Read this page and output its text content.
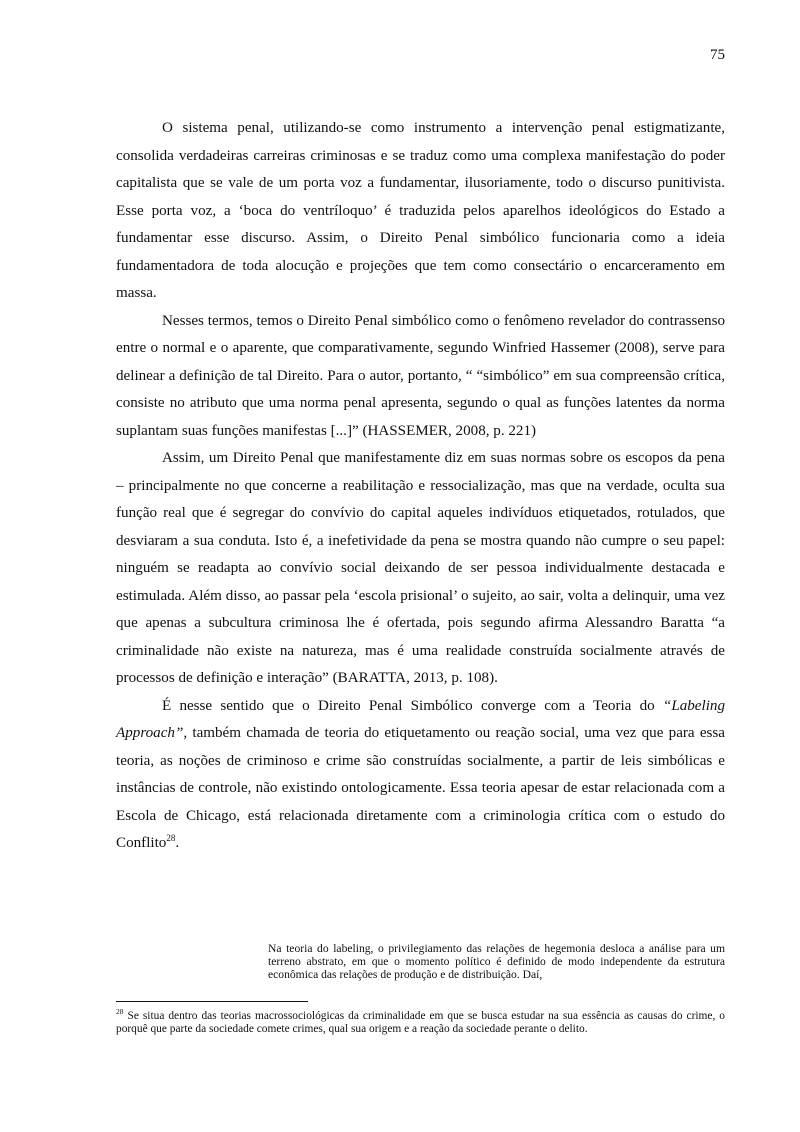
75

O sistema penal, utilizando-se como instrumento a intervenção penal estigmatizante, consolida verdadeiras carreiras criminosas e se traduz como uma complexa manifestação do poder capitalista que se vale de um porta voz a fundamentar, ilusoriamente, todo o discurso punitivista. Esse porta voz, a ‘boca do ventríloquo’ é traduzida pelos aparelhos ideológicos do Estado a fundamentar esse discurso. Assim, o Direito Penal simbólico funcionaria como a ideia fundamentadora de toda alocução e projeções que tem como consectário o encarceramento em massa.

Nesses termos, temos o Direito Penal simbólico como o fenômeno revelador do contrassenso entre o normal e o aparente, que comparativamente, segundo Winfried Hassemer (2008), serve para delinear a definição de tal Direito. Para o autor, portanto, “ “simbólico” em sua compreensão crítica, consiste no atributo que uma norma penal apresenta, segundo o qual as funções latentes da norma suplantam suas funções manifestas [...]” (HASSEMER, 2008, p. 221)

Assim, um Direito Penal que manifestamente diz em suas normas sobre os escopos da pena – principalmente no que concerne a reabilitação e ressocialização, mas que na verdade, oculta sua função real que é segregar do convívio do capital aqueles indivíduos etiquetados, rotulados, que desviaram a sua conduta. Isto é, a inefetividade da pena se mostra quando não cumpre o seu papel: ninguém se readapta ao convívio social deixando de ser pessoa individualmente destacada e estimulada. Além disso, ao passar pela ‘escola prisional’ o sujeito, ao sair, volta a delinquir, uma vez que apenas a subcultura criminosa lhe é ofertada, pois segundo afirma Alessandro Baratta “a criminalidade não existe na natureza, mas é uma realidade construída socialmente através de processos de definição e interação” (BARATTA, 2013, p. 108).

É nesse sentido que o Direito Penal Simbólico converge com a Teoria do “Labeling Approach”, também chamada de teoria do etiquetamento ou reação social, uma vez que para essa teoria, as noções de criminoso e crime são construídas socialmente, a partir de leis simbólicas e instâncias de controle, não existindo ontologicamente. Essa teoria apesar de estar relacionada com a Escola de Chicago, está relacionada diretamente com a criminologia crítica com o estudo do Conflito$^{28}$.

Na teoria do labeling, o privilegiamento das relações de hegemonia desloca a análise para um terreno abstrato, em que o momento político é definido de modo independente da estrutura econômica das relações de produção e de distribuição. Daí,

$^{28}$ Se situa dentro das teorias macrossociológicas da criminalidade em que se busca estudar na sua essência as causas do crime, o porquê que parte da sociedade comete crimes, qual sua origem e a reação da sociedade perante o delito.
